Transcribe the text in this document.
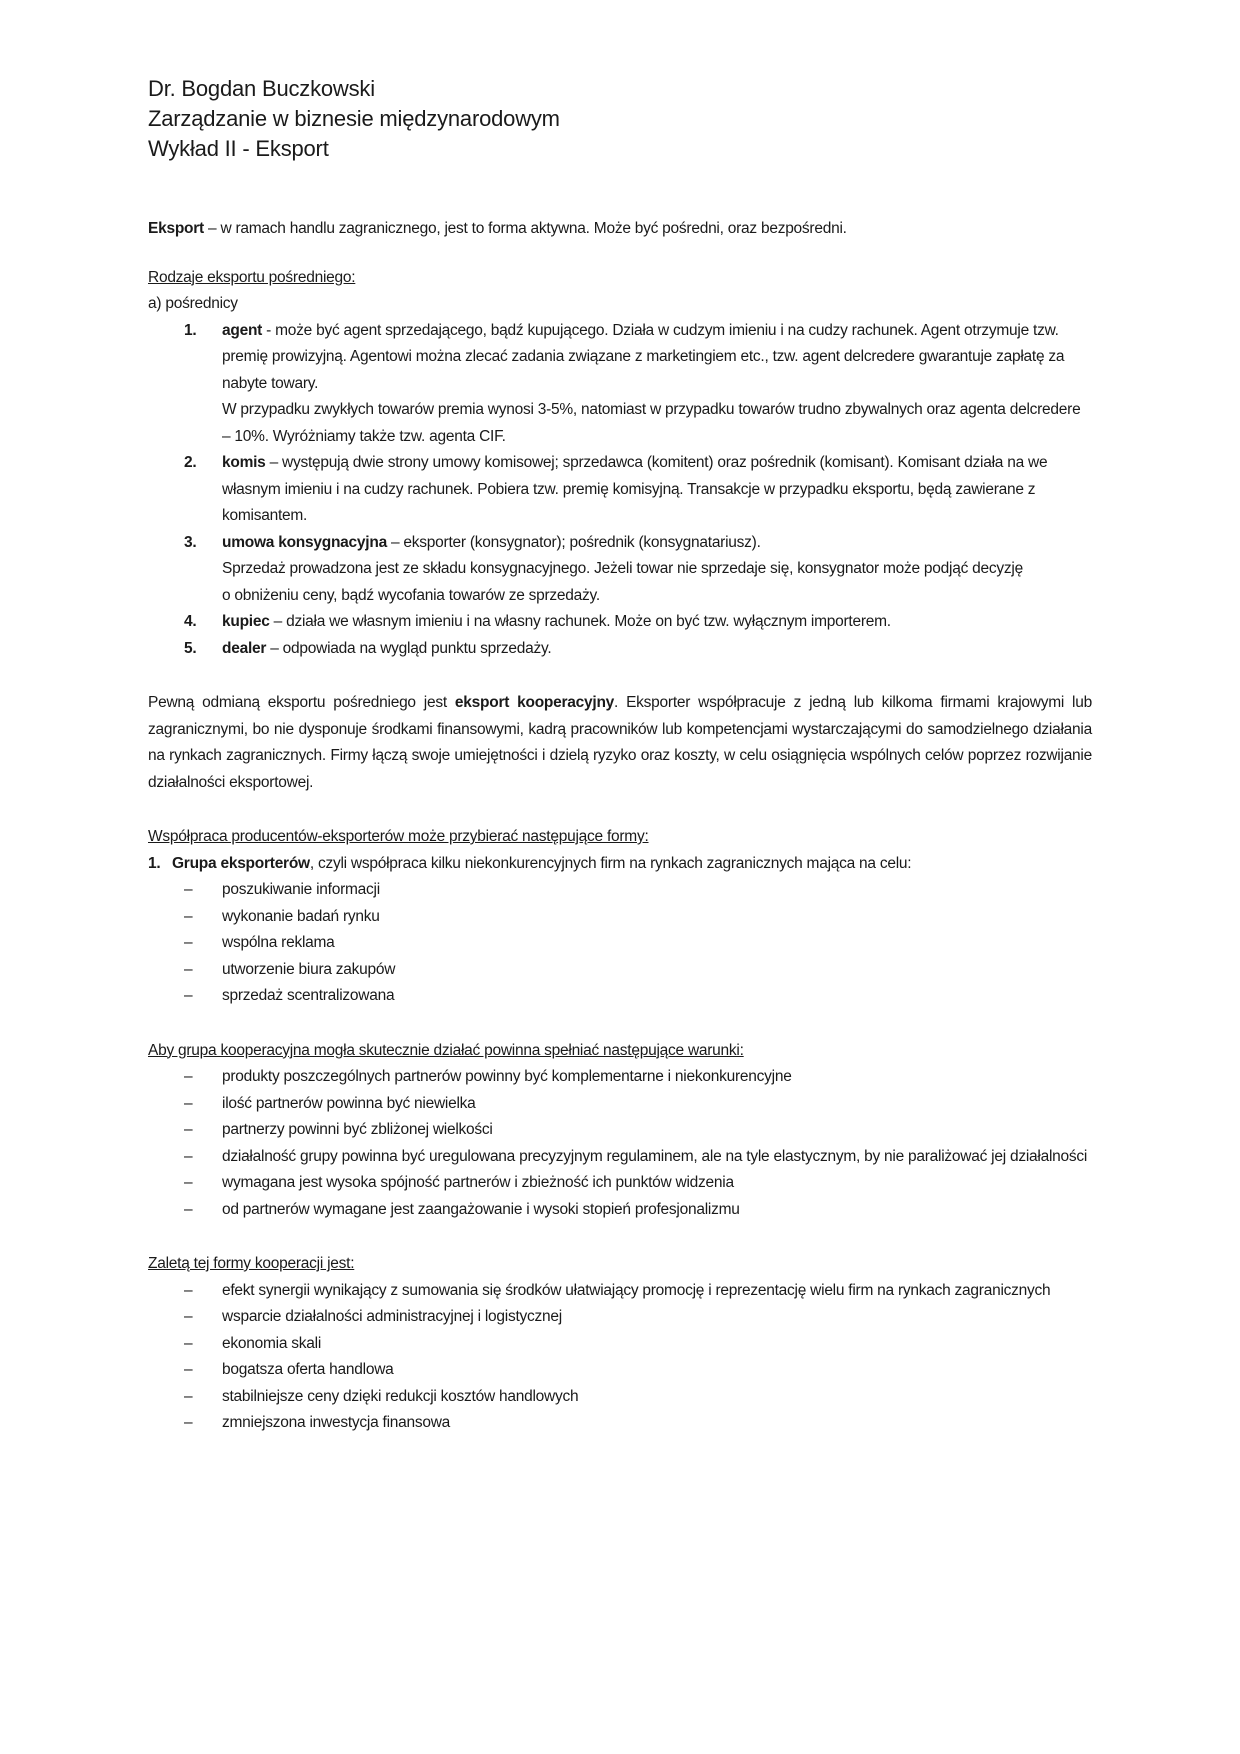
Dr. Bogdan Buczkowski
Zarządzanie w biznesie międzynarodowym
Wykład II - Eksport

Eksport – w ramach handlu zagranicznego, jest to forma aktywna. Może być pośredni, oraz bezpośredni.

Rodzaje eksportu pośredniego:

a) pośrednicy

1. agent - może być agent sprzedającego, bądź kupującego. Działa w cudzym imieniu i na cudzy rachunek. Agent otrzymuje tzw. premię prowizyjną. Agentowi można zlecać zadania związane z marketingiem etc., tzw. agent delcredere gwarantuje zapłatę za nabyte towary.
W przypadku zwykłych towarów premia wynosi 3-5%, natomiast w przypadku towarów trudno zbywalnych oraz agenta delcredere – 10%. Wyróżniamy także tzw. agenta CIF.
2. komis – występują dwie strony umowy komisowej; sprzedawca (komitent) oraz pośrednik (komisant). Komisant działa na we własnym imieniu i na cudzy rachunek. Pobiera tzw. premię komisyjną. Transakcje w przypadku eksportu, będą zawierane z komisantem.
3. umowa konsygnacyjna – eksporter (konsygnator); pośrednik (konsygnatariusz).
Sprzedaż prowadzona jest ze składu konsygnacyjnego. Jeżeli towar nie sprzedaje się, konsygnator może podjąć decyzję
o obniżeniu ceny, bądź wycofania towarów ze sprzedaży.
4. kupiec – działa we własnym imieniu i na własny rachunek. Może on być tzw. wyłącznym importerem.
5. dealer – odpowiada na wygląd punktu sprzedaży.

Pewną odmianą eksportu pośredniego jest eksport kooperacyjny. Eksporter współpracuje z jedną lub kilkoma firmami krajowymi lub zagranicznymi, bo nie dysponuje środkami finansowymi, kadrą pracowników lub kompetencjami wystarczającymi do samodzielnego działania na rynkach zagranicznych. Firmy łączą swoje umiejętności i dzielą ryzyko oraz koszty, w celu osiągnięcia wspólnych celów poprzez rozwijanie działalności eksportowej.

Współpraca producentów-eksporterów może przybierać następujące formy:

1. Grupa eksporterów, czyli współpraca kilku niekonkurencyjnych firm na rynkach zagranicznych mająca na celu:
– poszukiwanie informacji
– wykonanie badań rynku
– wspólna reklama
– utworzenie biura zakupów
– sprzedaż scentralizowana

Aby grupa kooperacyjna mogła skutecznie działać powinna spełniać następujące warunki:

– produkty poszczególnych partnerów powinny być komplementarne i niekonkurencyjne
– ilość partnerów powinna być niewielka
– partnerzy powinni być zbliżonej wielkości
– działalność grupy powinna być uregulowana precyzyjnym regulaminem, ale na tyle elastycznym, by nie paraliżować jej działalności
– wymagana jest wysoka spójność partnerów i zbieżność ich punktów widzenia
– od partnerów wymagane jest zaangażowanie i wysoki stopień profesjonalizmu

Zaletą tej formy kooperacji jest:

– efekt synergii wynikający z sumowania się środków ułatwiający promocję i reprezentację wielu firm na rynkach zagranicznych
– wsparcie działalności administracyjnej i logistycznej
– ekonomia skali
– bogatsza oferta handlowa
– stabilniejsze ceny dzięki redukcji kosztów handlowych
– zmniejszona inwestycja finansowa
